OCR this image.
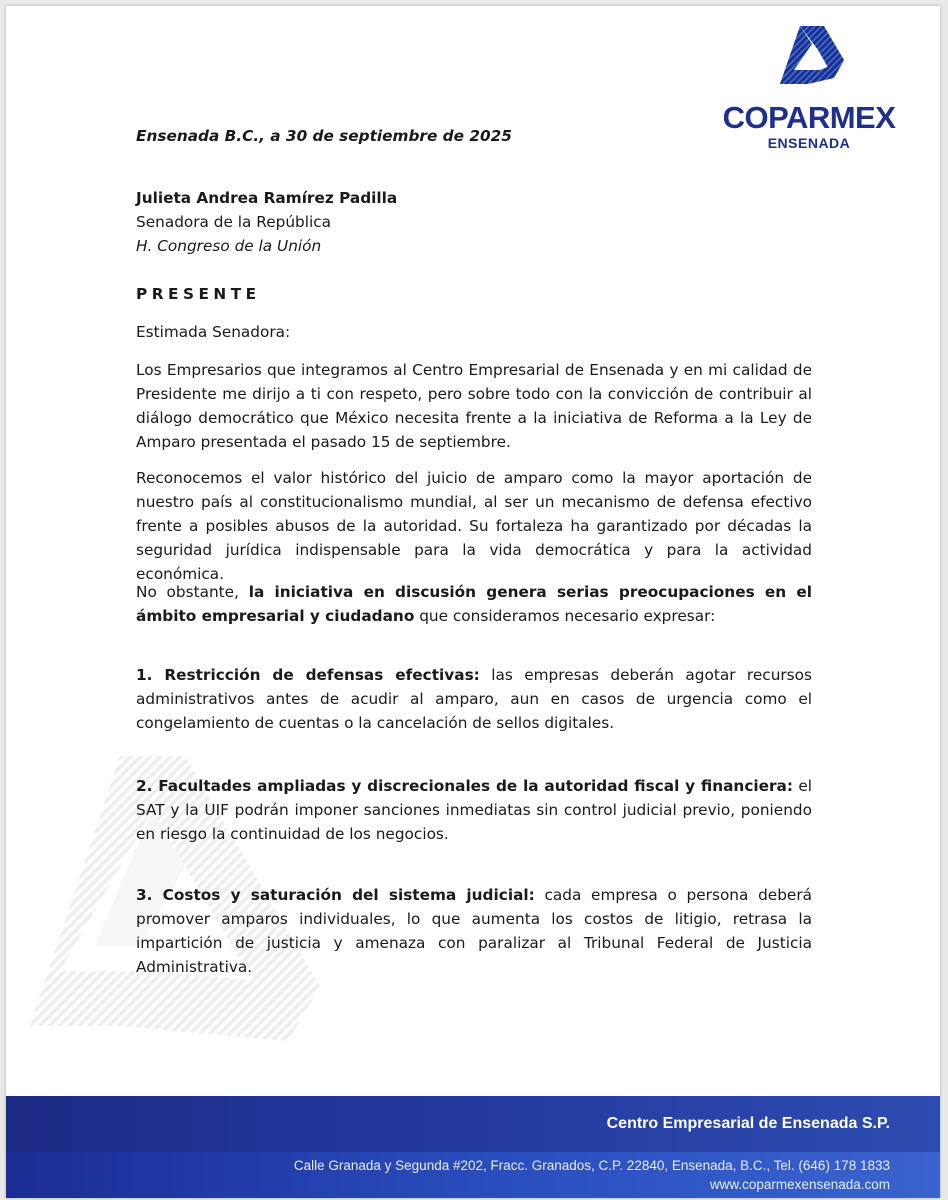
COPARMEX
ENSENADA

Ensenada B.C., a 30 de septiembre de 2025

Julieta Andrea Ramírez Padilla
Senadora de la República
H. Congreso de la Unión

PRESENTE

Estimada Senadora:

Los Empresarios que integramos al Centro Empresarial de Ensenada y en mi calidad de Presidente me dirijo a ti con respeto, pero sobre todo con la convicción de contribuir al diálogo democrático que México necesita frente a la iniciativa de Reforma a la Ley de Amparo presentada el pasado 15 de septiembre.

Reconocemos el valor histórico del juicio de amparo como la mayor aportación de nuestro país al constitucionalismo mundial, al ser un mecanismo de defensa efectivo frente a posibles abusos de la autoridad. Su fortaleza ha garantizado por décadas la seguridad jurídica indispensable para la vida democrática y para la actividad económica.

No obstante, la iniciativa en discusión genera serias preocupaciones en el ámbito empresarial y ciudadano que consideramos necesario expresar:

1. Restricción de defensas efectivas: las empresas deberán agotar recursos administrativos antes de acudir al amparo, aun en casos de urgencia como el congelamiento de cuentas o la cancelación de sellos digitales.

2. Facultades ampliadas y discrecionales de la autoridad fiscal y financiera: el SAT y la UIF podrán imponer sanciones inmediatas sin control judicial previo, poniendo en riesgo la continuidad de los negocios.

3. Costos y saturación del sistema judicial: cada empresa o persona deberá promover amparos individuales, lo que aumenta los costos de litigio, retrasa la impartición de justicia y amenaza con paralizar al Tribunal Federal de Justicia Administrativa.

Centro Empresarial de Ensenada S.P.
Calle Granada y Segunda #202, Fracc. Granados, C.P. 22840, Ensenada, B.C., Tel. (646) 178 1833
www.coparmexensenada.com
